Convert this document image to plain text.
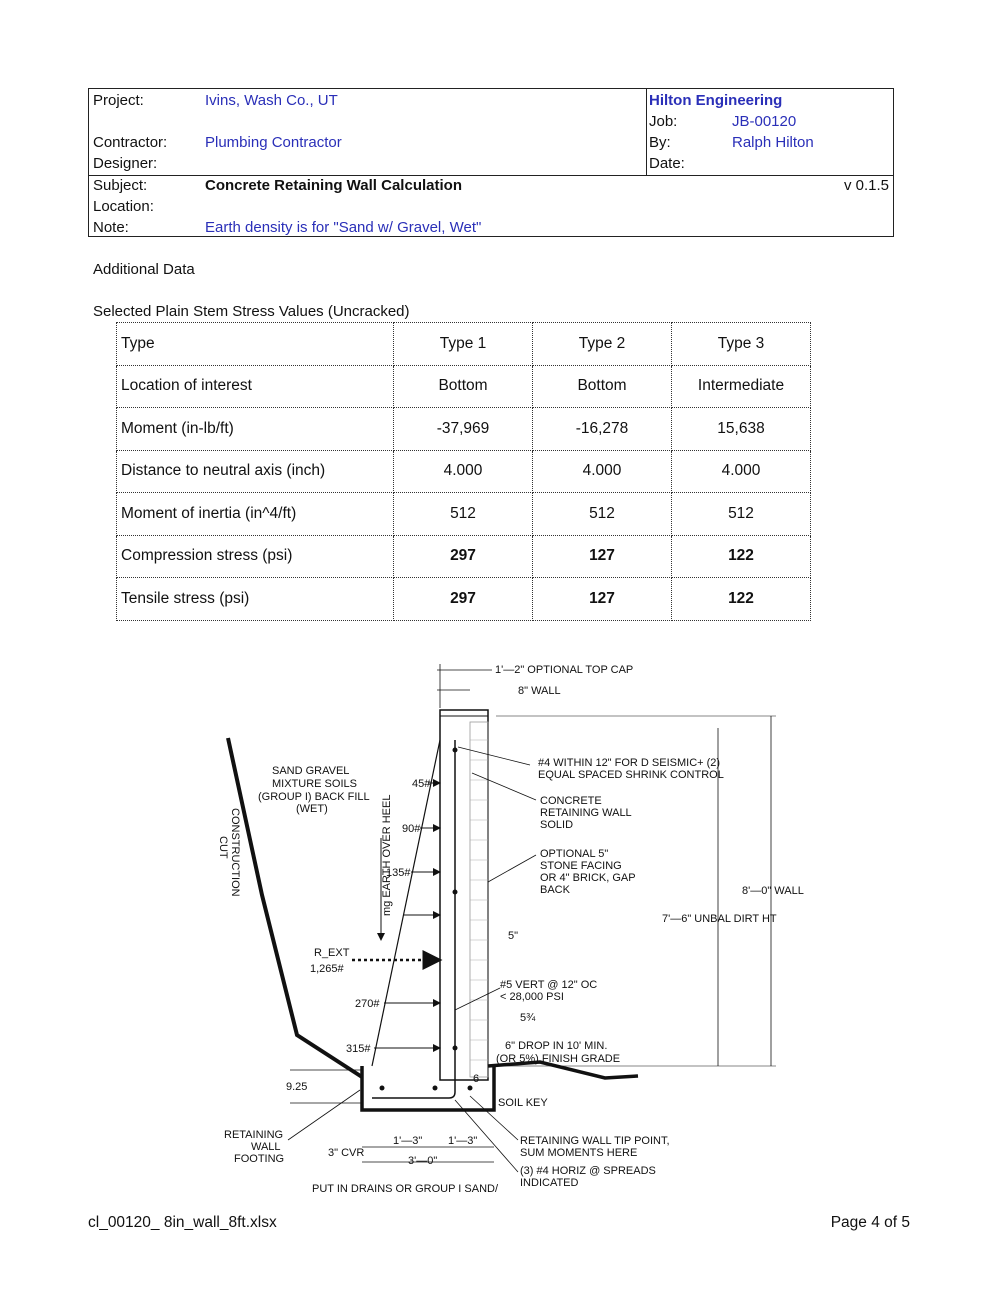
Project:	Ivins, Wash Co., UT
Contractor:	Plumbing Contractor
Designer:
Hilton Engineering
Job:	JB-00120
By:	Ralph Hilton
Date:
Subject:	Concrete Retaining Wall Calculation	v 0.1.5
Location:
Note:	Earth density is for "Sand w/ Gravel, Wet"
Additional Data
Selected Plain Stem Stress Values (Uncracked)
Type	Type 1	Type 2	Type 3
Location of interest	Bottom	Bottom	Intermediate
Moment (in-lb/ft)	-37,969	-16,278	15,638
Distance to neutral axis (inch)	4.000	4.000	4.000
Moment of inertia (in^4/ft)	512	512	512
Compression stress (psi)	297	127	122
Tensile stress (psi)	297	127	122
1'—2" OPTIONAL TOP CAP
8" WALL
SAND GRAVEL
MIXTURE SOILS
(GROUP I) BACK FILL
(WET)
CONSTRUCTION
CUT	mg EARTH OVER HEEL
45#
90#
135#
270#
315#
R_EXT
1,265#
#4 WITHIN 12" FOR D SEISMIC+ (2)
EQUAL SPACED SHRINK CONTROL
CONCRETE
RETAINING WALL
SOLID
OPTIONAL 5"
STONE FACING
OR 4" BRICK, GAP
BACK	8'—0" WALL
7'—6" UNBAL DIRT HT
5"
#5 VERT @ 12" OC
< 28,000 PSI
5¾
6" DROP IN 10' MIN.
(OR 5%) FINISH GRADE
6
SOIL KEY
9.25
RETAINING
WALL
FOOTING	3" CVR
1'—3" 1'—3"
3'—0"
RETAINING WALL TIP POINT,
SUM MOMENTS HERE
(3) #4 HORIZ @ SPREADS
INDICATED
PUT IN DRAINS OR GROUP I SAND/
cl_00120_ 8in_wall_8ft.xlsx	Page 4 of 5
